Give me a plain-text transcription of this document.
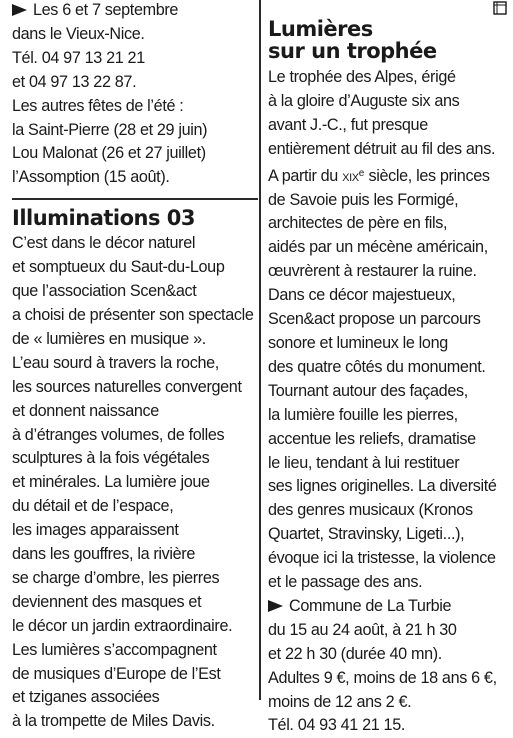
Les 6 et 7 septembre
dans le Vieux-Nice.
Tél. 04 97 13 21 21
et 04 97 13 22 87.
Les autres fêtes de l’été :
la Saint-Pierre (28 et 29 juin)
Lou Malonat (26 et 27 juillet)
l’Assomption (15 août).
Illuminations 03
C’est dans le décor naturel
et somptueux du Saut-du-Loup
que l’association Scen&act
a choisi de présenter son spectacle
de « lumières en musique ».
L’eau sourd à travers la roche,
les sources naturelles convergent
et donnent naissance
à d’étranges volumes, de folles
sculptures à la fois végétales
et minérales. La lumière joue
du détail et de l’espace,
les images apparaissent
dans les gouffres, la rivière
se charge d’ombre, les pierres
deviennent des masques et
le décor un jardin extraordinaire.
Les lumières s’accompagnent
de musiques d’Europe de l’Est
et tziganes associées
à la trompette de Miles Davis.
Lumières
sur un trophée
Le trophée des Alpes, érigé
à la gloire d’Auguste six ans
avant J.-C., fut presque
entièrement détruit au fil des ans.
A partir du xix$^e$ siècle, les princes
de Savoie puis les Formigé,
architectes de père en fils,
aidés par un mécène américain,
œuvrèrent à restaurer la ruine.
Dans ce décor majestueux,
Scen&act propose un parcours
sonore et lumineux le long
des quatre côtés du monument.
Tournant autour des façades,
la lumière fouille les pierres,
accentue les reliefs, dramatise
le lieu, tendant à lui restituer
ses lignes originelles. La diversité
des genres musicaux (Kronos
Quartet, Stravinsky, Ligeti...),
évoque ici la tristesse, la violence
et le passage des ans.
Commune de La Turbie
du 15 au 24 août, à 21 h 30
et 22 h 30 (durée 40 mn).
Adultes 9 €, moins de 18 ans 6 €,
moins de 12 ans 2 €.
Tél. 04 93 41 21 15.
